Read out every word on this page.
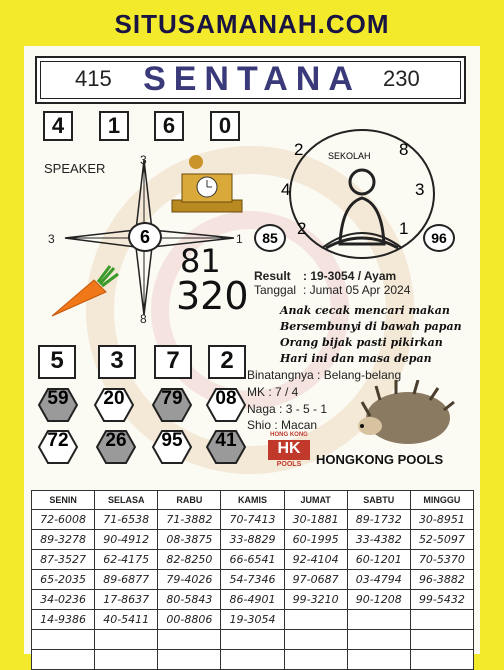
SITUSAMANAH.COM
415 SENTANA	230
4	1	6	0
SPEAKER
3
3	1
8
6
81
320
SEKOLAH
2	8
4	3
2	1
85	96
Result : 19-3054 / Ayam
Tanggal : Jumat 05 Apr 2024
Anak cecak mencari makan
Bersembunyi di bawah papan
Orang bijak pasti pikirkan
Hari ini dan masa depan
Binatangnya : Belang-belang
MK : 7 / 4
Naga : 3 - 5 - 1
Shio : Macan
5	3	7	2
59	20	79	08
72	26	95	41	HONG KONG
HK
POOLS	HONGKONG POOLS
SENIN	SELASA	RABU	KAMIS	JUMAT	SABTU	MINGGU
72-6008	71-6538	71-3882	70-7413	30-1881	89-1732	30-8951
89-3278	90-4912	08-3875	33-8829	60-1995	33-4382	52-5097
87-3527	62-4175	82-8250	66-6541	92-4104	60-1201	70-5370
65-2035	89-6877	79-4026	54-7346	97-0687	03-4794	96-3882
34-0236	17-8637	80-5843	86-4901	99-3210	90-1208	99-5432
14-9386	40-5411	00-8806	19-3054			
